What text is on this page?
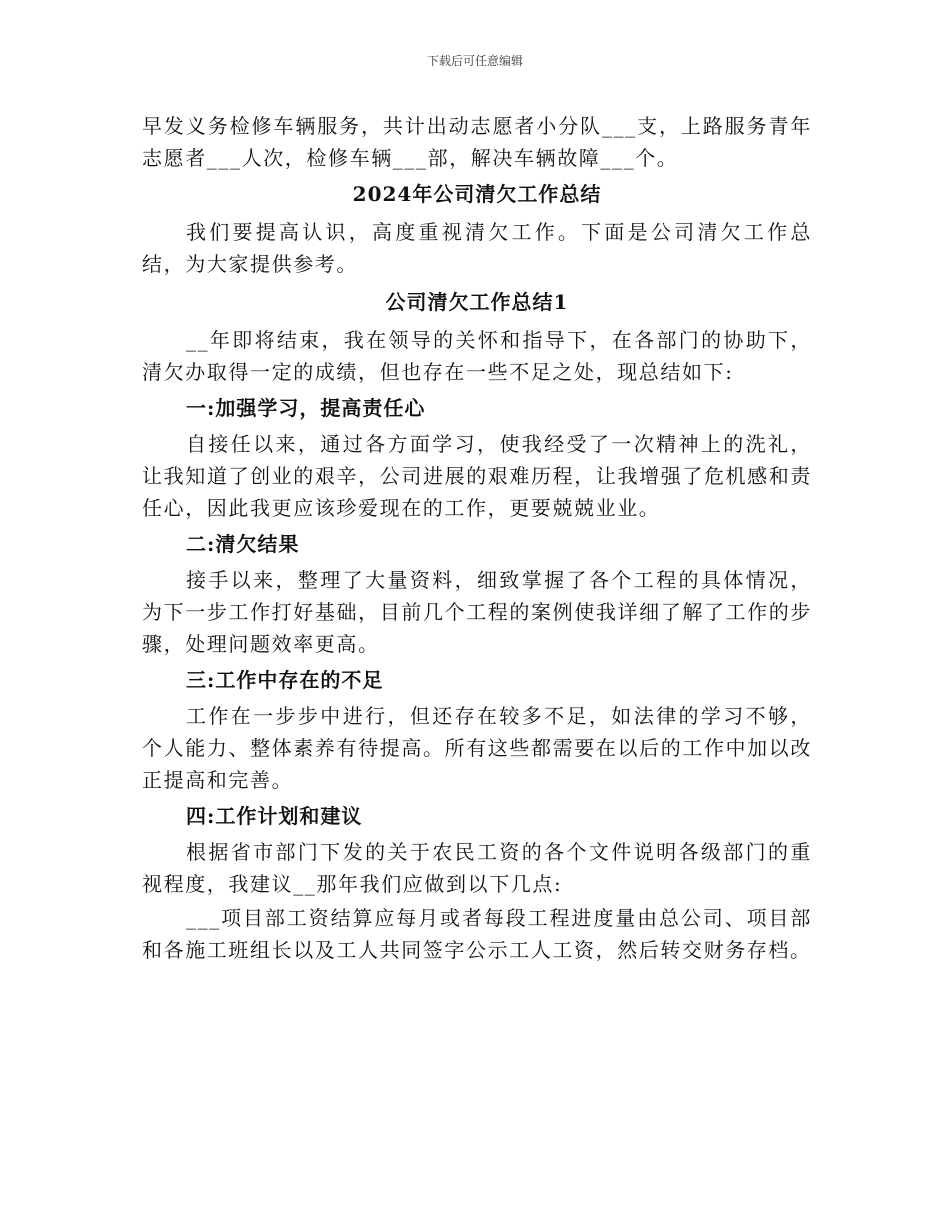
下载后可任意编辑

早发义务检修车辆服务，共计出动志愿者小分队___支，上路服务青年志愿者___人次，检修车辆___部，解决车辆故障___个。

2024年公司清欠工作总结

我们要提高认识，高度重视清欠工作。下面是公司清欠工作总结，为大家提供参考。

公司清欠工作总结1

__年即将结束，我在领导的关怀和指导下，在各部门的协助下，清欠办取得一定的成绩，但也存在一些不足之处，现总结如下:

一:加强学习，提高责任心

自接任以来，通过各方面学习，使我经受了一次精神上的洗礼，让我知道了创业的艰辛，公司进展的艰难历程，让我增强了危机感和责任心，因此我更应该珍爱现在的工作，更要兢兢业业。

二:清欠结果

接手以来，整理了大量资料，细致掌握了各个工程的具体情况，为下一步工作打好基础，目前几个工程的案例使我详细了解了工作的步骤，处理问题效率更高。

三:工作中存在的不足

工作在一步步中进行，但还存在较多不足，如法律的学习不够，个人能力、整体素养有待提高。所有这些都需要在以后的工作中加以改正提高和完善。

四:工作计划和建议

根据省市部门下发的关于农民工资的各个文件说明各级部门的重视程度，我建议__那年我们应做到以下几点:

___项目部工资结算应每月或者每段工程进度量由总公司、项目部和各施工班组长以及工人共同签字公示工人工资，然后转交财务存档。
